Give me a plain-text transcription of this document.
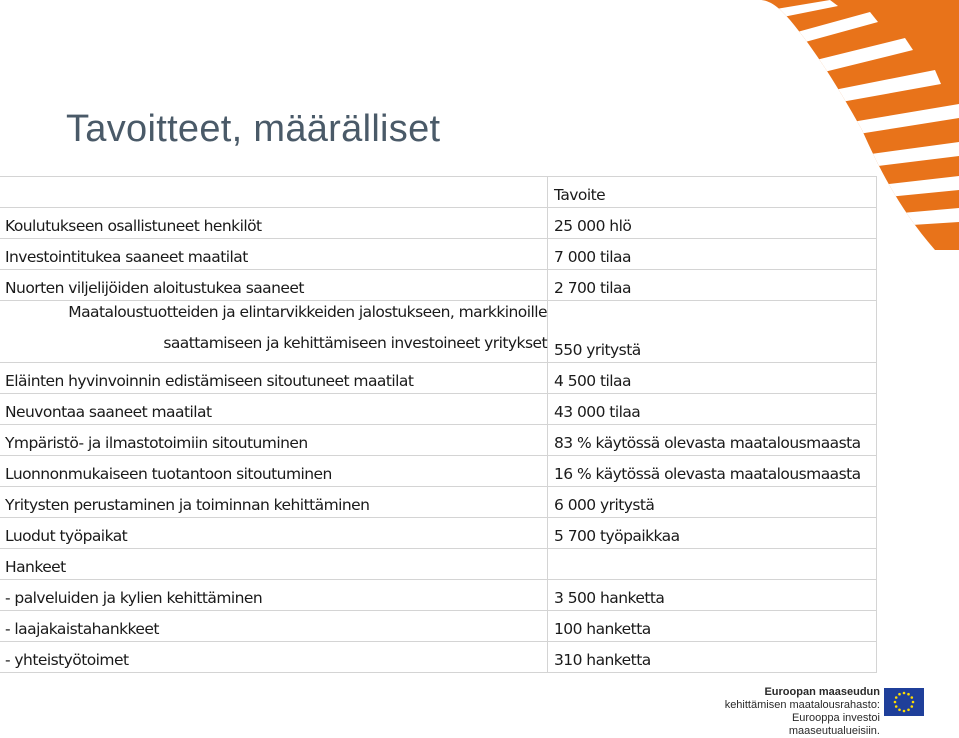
Tavoitteet, määrälliset
Tavoite
Koulutukseen osallistuneet henkilöt	25 000 hlö
Investointitukea saaneet maatilat	7 000 tilaa
Nuorten viljelijöiden aloitustukea saaneet	2 700 tilaa
Maataloustuotteiden ja elintarvikkeiden jalostukseen, markkinoille
saattamiseen ja kehittämiseen investoineet yritykset 550 yritystä
Eläinten hyvinvoinnin edistämiseen sitoutuneet maatilat	4 500 tilaa
Neuvontaa saaneet maatilat	43 000 tilaa
Ympäristö- ja ilmastotoimiin sitoutuminen	83 % käytössä olevasta maatalousmaasta
Luonnonmukaiseen tuotantoon sitoutuminen	16 % käytössä olevasta maatalousmaasta
Yritysten perustaminen ja toiminnan kehittäminen	6 000 yritystä
Luodut työpaikat	5 700 työpaikkaa
Hankeet
- palveluiden ja kylien kehittäminen	3 500 hanketta
- laajakaistahankkeet	100 hanketta
- yhteistyötoimet	310 hanketta
Euroopan maaseudun
kehittämisen maatalousrahasto:
Eurooppa investoi maaseutualueisiin.
